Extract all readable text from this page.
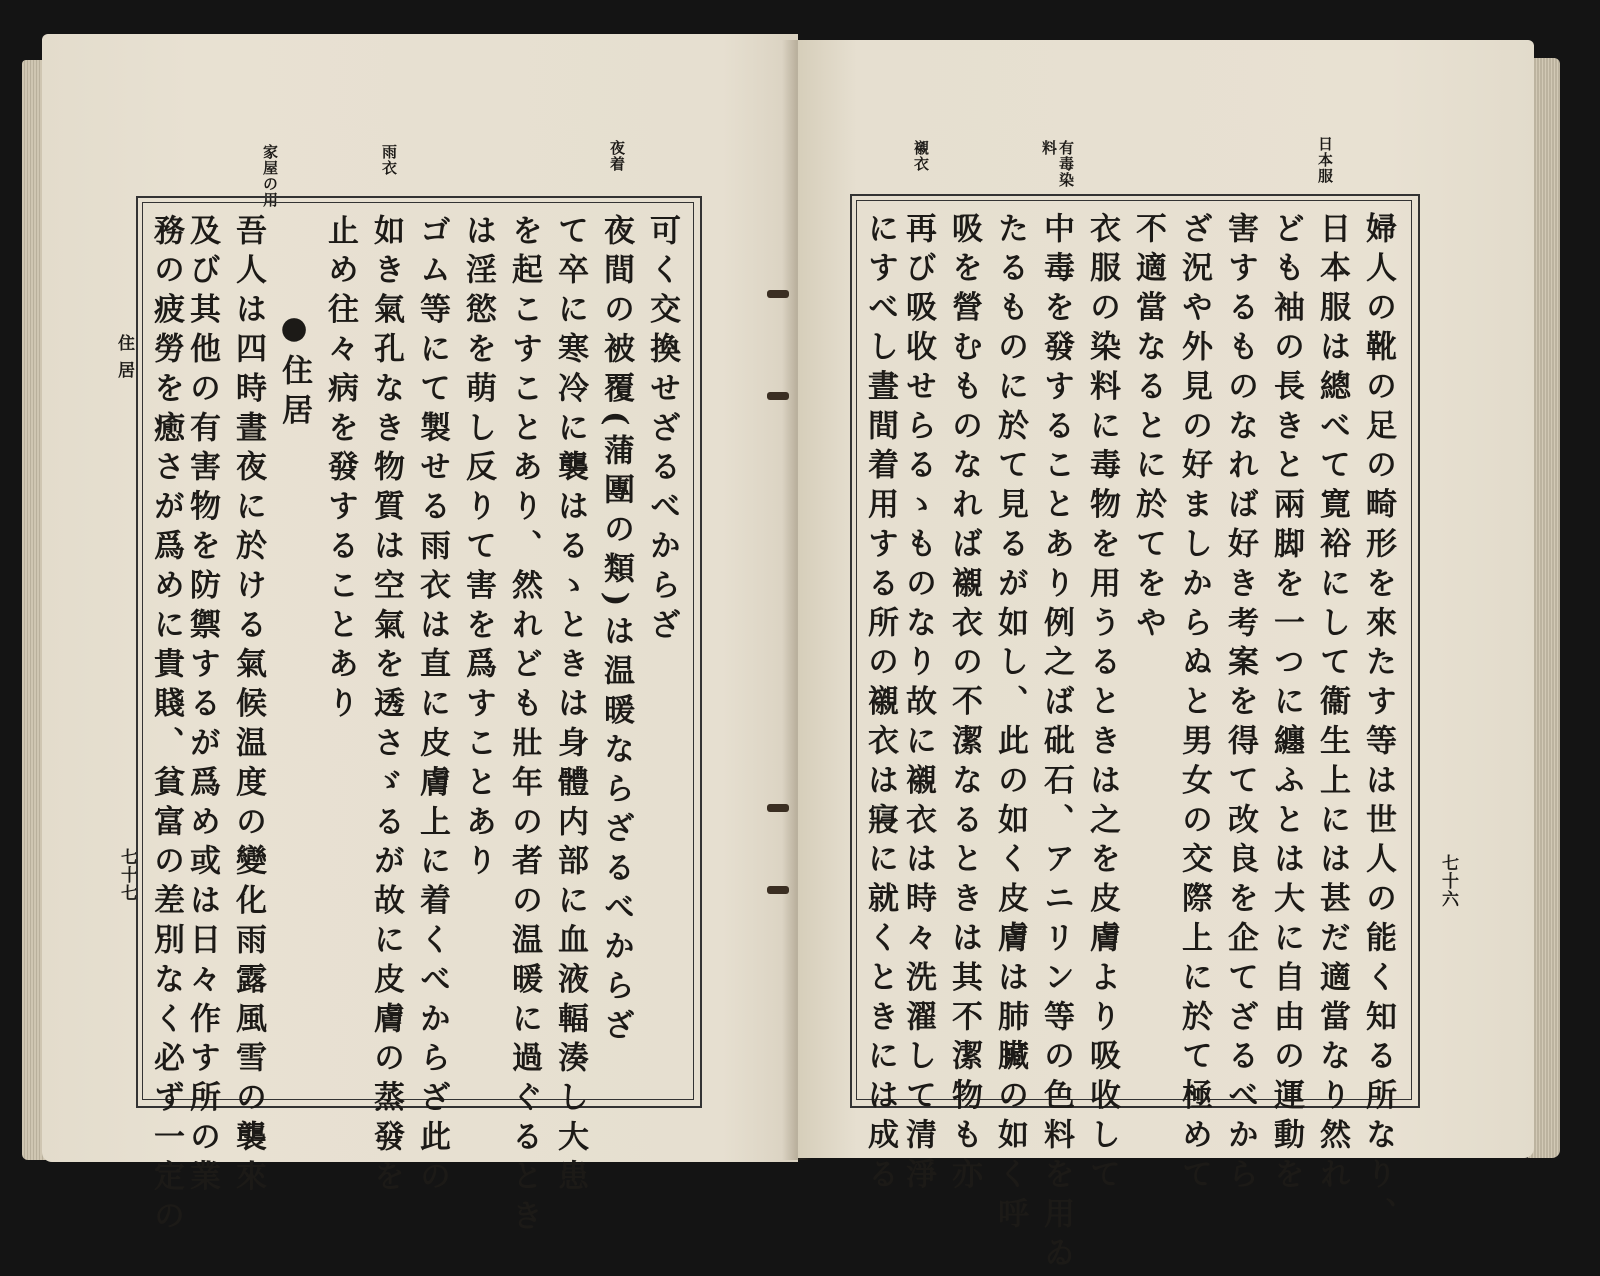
住居
七十七
夜着
雨衣
家屋の用
可く交換せざるべからざ
夜間の被覆(蒲團の類)は温暖ならざるべからざ
て卒に寒冷に襲はるゝときは身體内部に血液輻湊し大患
を起こすことあり、然れども壯年の者の温暖に過ぐるとき
は淫慾を萌し反りて害を爲すことあり
ゴム等にて製せる雨衣は直に皮膚上に着くべからざ此の
如き氣孔なき物質は空氣を透さゞるが故に皮膚の蒸發を
止め往々病を發することあり
●住居
吾人は四時晝夜に於ける氣候温度の變化雨露風雪の襲來
及び其他の有害物を防禦するが爲め或は日々作す所の業
務の疲勞を癒さが爲めに貴賤、貧富の差別なく必ず一定の	七十六
日本服
有毒染料
襯衣
婦人の靴の足の畸形を來たす等は世人の能く知る所なり、
日本服は總べて寛裕にして衞生上には甚だ適當なり然れ
ども袖の長きと兩脚を一つに纏ふとは大に自由の運動を
害するものなれば好き考案を得て改良を企てざるべから
ざ況や外見の好ましからぬと男女の交際上に於て極めて
不適當なるとに於てをや
衣服の染料に毒物を用うるときは之を皮膚より吸收して
中毒を發することあり例之ば砒石、アニリン等の色料を用ゐ
たるものに於て見るが如し、此の如く皮膚は肺臟の如く呼
吸を營むものなれば襯衣の不潔なるときは其不潔物も亦
再び吸收せらるゝものなり故に襯衣は時々洗濯して清淨
にすべし晝間着用する所の襯衣は寢に就くときには成る
